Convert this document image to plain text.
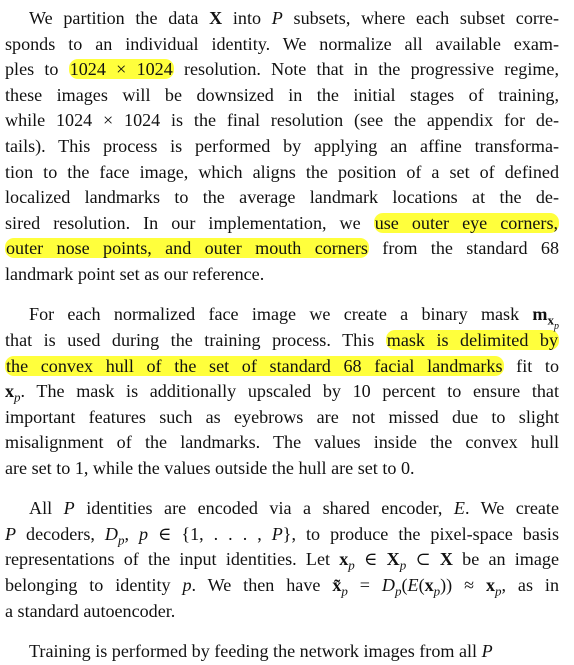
We partition the data X into P subsets, where each subset corre-
sponds to an individual identity. We normalize all available exam-
ples to 1024 × 1024 resolution. Note that in the progressive regime,
these images will be downsized in the initial stages of training,
while 1024 × 1024 is the final resolution (see the appendix for de-
tails). This process is performed by applying an affine transforma-
tion to the face image, which aligns the position of a set of defined
localized landmarks to the average landmark locations at the de-
sired resolution. In our implementation, we use outer eye corners,
outer nose points, and outer mouth corners from the standard 68
landmark point set as our reference.

For each normalized face image we create a binary mask $m_{xp}$
that is used during the training process. This mask is delimited by
the convex hull of the set of standard 68 facial landmarks fit to
$x_p$. The mask is additionally upscaled by 10 percent to ensure that
important features such as eyebrows are not missed due to slight
misalignment of the landmarks. The values inside the convex hull
are set to 1, while the values outside the hull are set to 0.

All P identities are encoded via a shared encoder, E. We create
P decoders, $D_p$, p ∈ {1, . . . , P}, to produce the pixel-space basis
representations of the input identities. Let $x_p$ ∈ $X_p$ ⊂ X be an image
belonging to identity p. We then have $x̃_p = D_p(E(x_p)) \approx x_p$, as in
a standard autoencoder.

Training is performed by feeding the network images from all P
